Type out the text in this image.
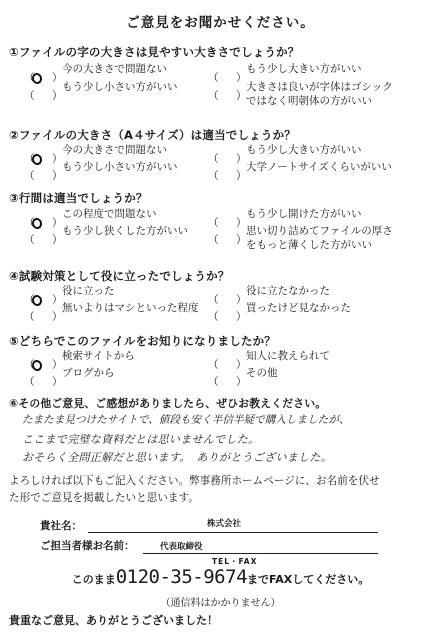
ご意見をお聞かせください。
①ファイルの字の大きさは見やすい大きさでしょうか？
（ ）
今の大きさで問題ない
（ ）
もう少し大きい方がいい
（ ）
もう少し小さい方がいい
（ ）
大きさは良いが字体はゴシック
ではなく明朝体の方がいい
②ファイルの大きさ（A４サイズ）は適当でしょうか？
（ ）
今の大きさで問題ない
（ ）
もう少し大きい方がいい
（ ）
もう少し小さい方がいい
（ ）
大学ノートサイズくらいがいい
③行間は適当でしょうか？
（ ）
この程度で問題ない
（ ）
もう少し開けた方がいい
（ ）
もう少し狭くした方がいい
（ ）
思い切り詰めてファイルの厚さ
をもっと薄くした方がいい
④試験対策として役に立ったでしょうか？
（ ）
役に立った
（ ）
役に立たなかった
（ ）
無いよりはマシといった程度
（ ）
買ったけど見なかった
⑤どちらでこのファイルをお知りになりましたか？
（ ）
検索サイトから
（ ）
知人に教えられて
（ ）
ブログから
（ ）
その他
⑥その他ご意見、ご感想がありましたら、ぜひお教えください。
たまたま見つけたサイトで、値段も安く半信半疑で購入しましたが、
ここまで完璧な資料だとは思いませんでした。
おそらく全問正解だと思います。　ありがとうございました。
よろしければ以下もご記入ください。弊事務所ホームページに、お名前を伏せ
た形でご意見を掲載したいと思います。
貴社名：	株式会社
ご担当者様お名前：	代表取締役
TEL・FAX
このまま0120-35-9674までFAXしてください。
（通信料はかかりません）
貴重なご意見、ありがとうございました！
